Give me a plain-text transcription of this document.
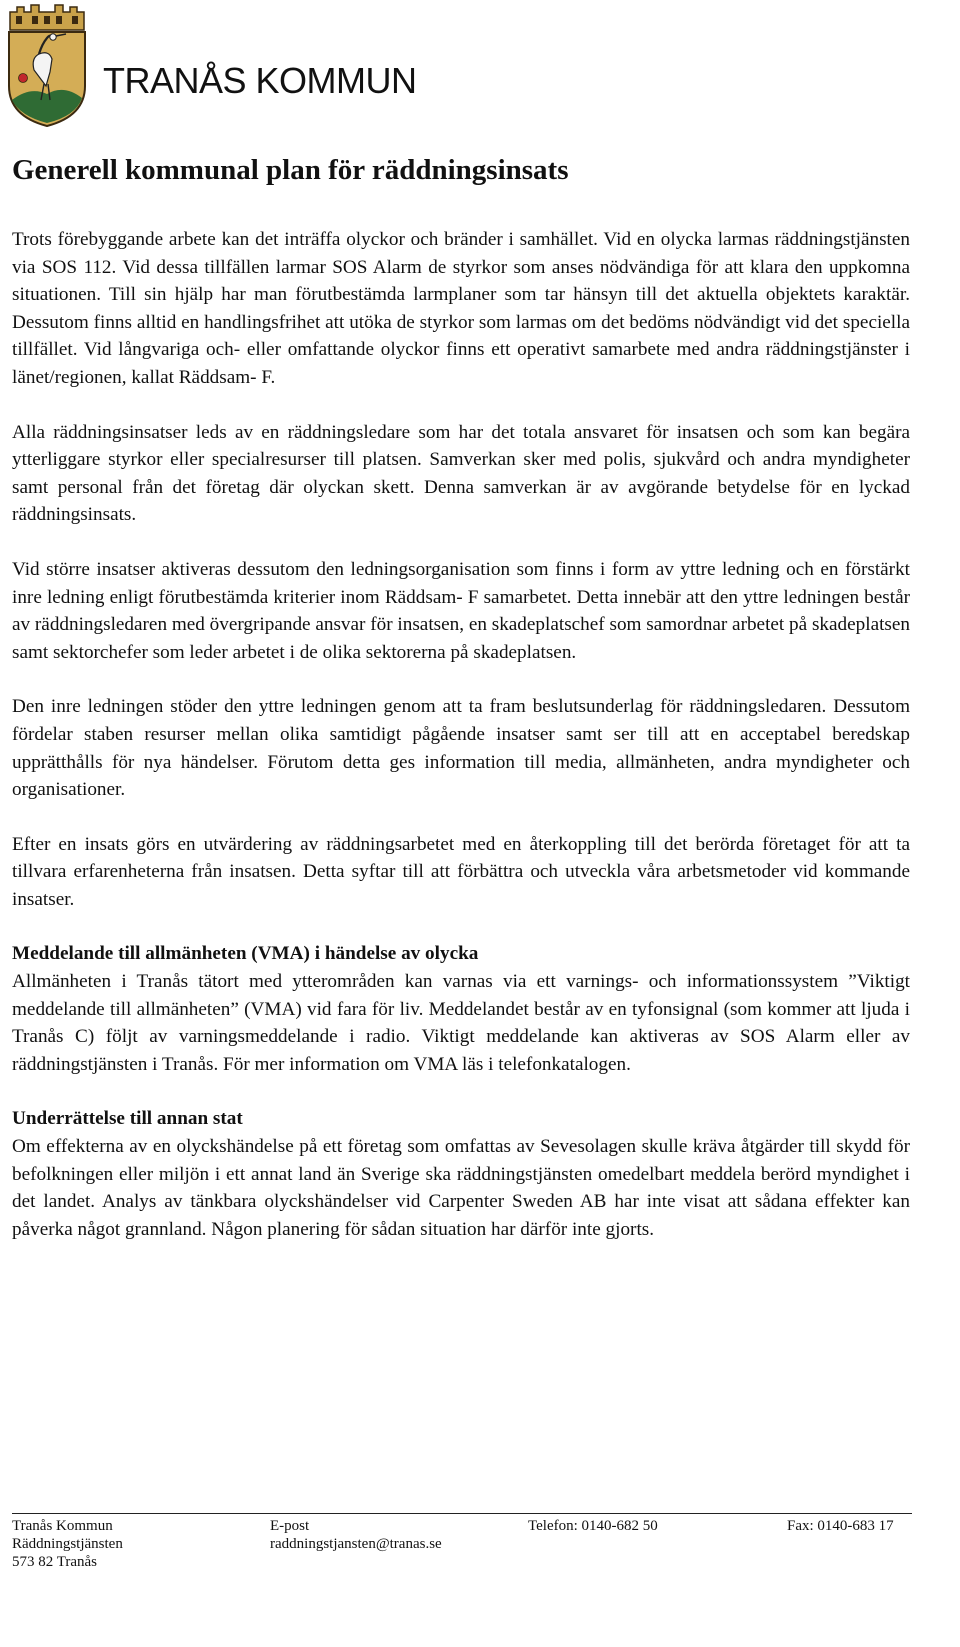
TRANÅS KOMMUN
Generell kommunal plan för räddningsinsats

Trots förebyggande arbete kan det inträffa olyckor och bränder i samhället. Vid en olycka larmas räddningstjänsten via SOS 112. Vid dessa tillfällen larmar SOS Alarm de styrkor som anses nödvändiga för att klara den uppkomna situationen. Till sin hjälp har man förutbestämda larmplaner som tar hänsyn till det aktuella objektets karaktär. Dessutom finns alltid en handlingsfrihet att utöka de styrkor som larmas om det bedöms nödvändigt vid det speciella tillfället. Vid långvariga och- eller omfattande olyckor finns ett operativt samarbete med andra räddningstjänster i länet/regionen, kallat Räddsam- F.

Alla räddningsinsatser leds av en räddningsledare som har det totala ansvaret för insatsen och som kan begära ytterliggare styrkor eller specialresurser till platsen. Samverkan sker med polis, sjukvård och andra myndigheter samt personal från det företag där olyckan skett. Denna samverkan är av avgörande betydelse för en lyckad räddningsinsats.

Vid större insatser aktiveras dessutom den ledningsorganisation som finns i form av yttre ledning och en förstärkt inre ledning enligt förutbestämda kriterier inom Räddsam- F samarbetet. Detta innebär att den yttre ledningen består av räddningsledaren med övergripande ansvar för insatsen, en skadeplatschef som samordnar arbetet på skadeplatsen samt sektorchefer som leder arbetet i de olika sektorerna på skadeplatsen.

Den inre ledningen stöder den yttre ledningen genom att ta fram beslutsunderlag för räddningsledaren. Dessutom fördelar staben resurser mellan olika samtidigt pågående insatser samt ser till att en acceptabel beredskap upprätthålls för nya händelser. Förutom detta ges information till media, allmänheten, andra myndigheter och organisationer.

Efter en insats görs en utvärdering av räddningsarbetet med en återkoppling till det berörda företaget för att ta tillvara erfarenheterna från insatsen. Detta syftar till att förbättra och utveckla våra arbetsmetoder vid kommande insatser.

Meddelande till allmänheten (VMA) i händelse av olycka

Allmänheten i Tranås tätort med ytterområden kan varnas via ett varnings- och informationssystem ”Viktigt meddelande till allmänheten” (VMA) vid fara för liv. Meddelandet består av en tyfonsignal (som kommer att ljuda i Tranås C) följt av varningsmeddelande i radio. Viktigt meddelande kan aktiveras av SOS Alarm eller av räddningstjänsten i Tranås. För mer information om VMA läs i telefonkatalogen.

Underrättelse till annan stat

Om effekterna av en olyckshändelse på ett företag som omfattas av Sevesolagen skulle kräva åtgärder till skydd för befolkningen eller miljön i ett annat land än Sverige ska räddningstjänsten omedelbart meddela berörd myndighet i det landet. Analys av tänkbara olyckshändelser vid Carpenter Sweden AB har inte visat att sådana effekter kan påverka något grannland. Någon planering för sådan situation har därför inte gjorts.

Tranås Kommun
Räddningstjänsten
573 82 Tranås
E-post
raddningstjansten@tranas.se
Telefon: 0140-682 50	Fax: 0140-683 17
